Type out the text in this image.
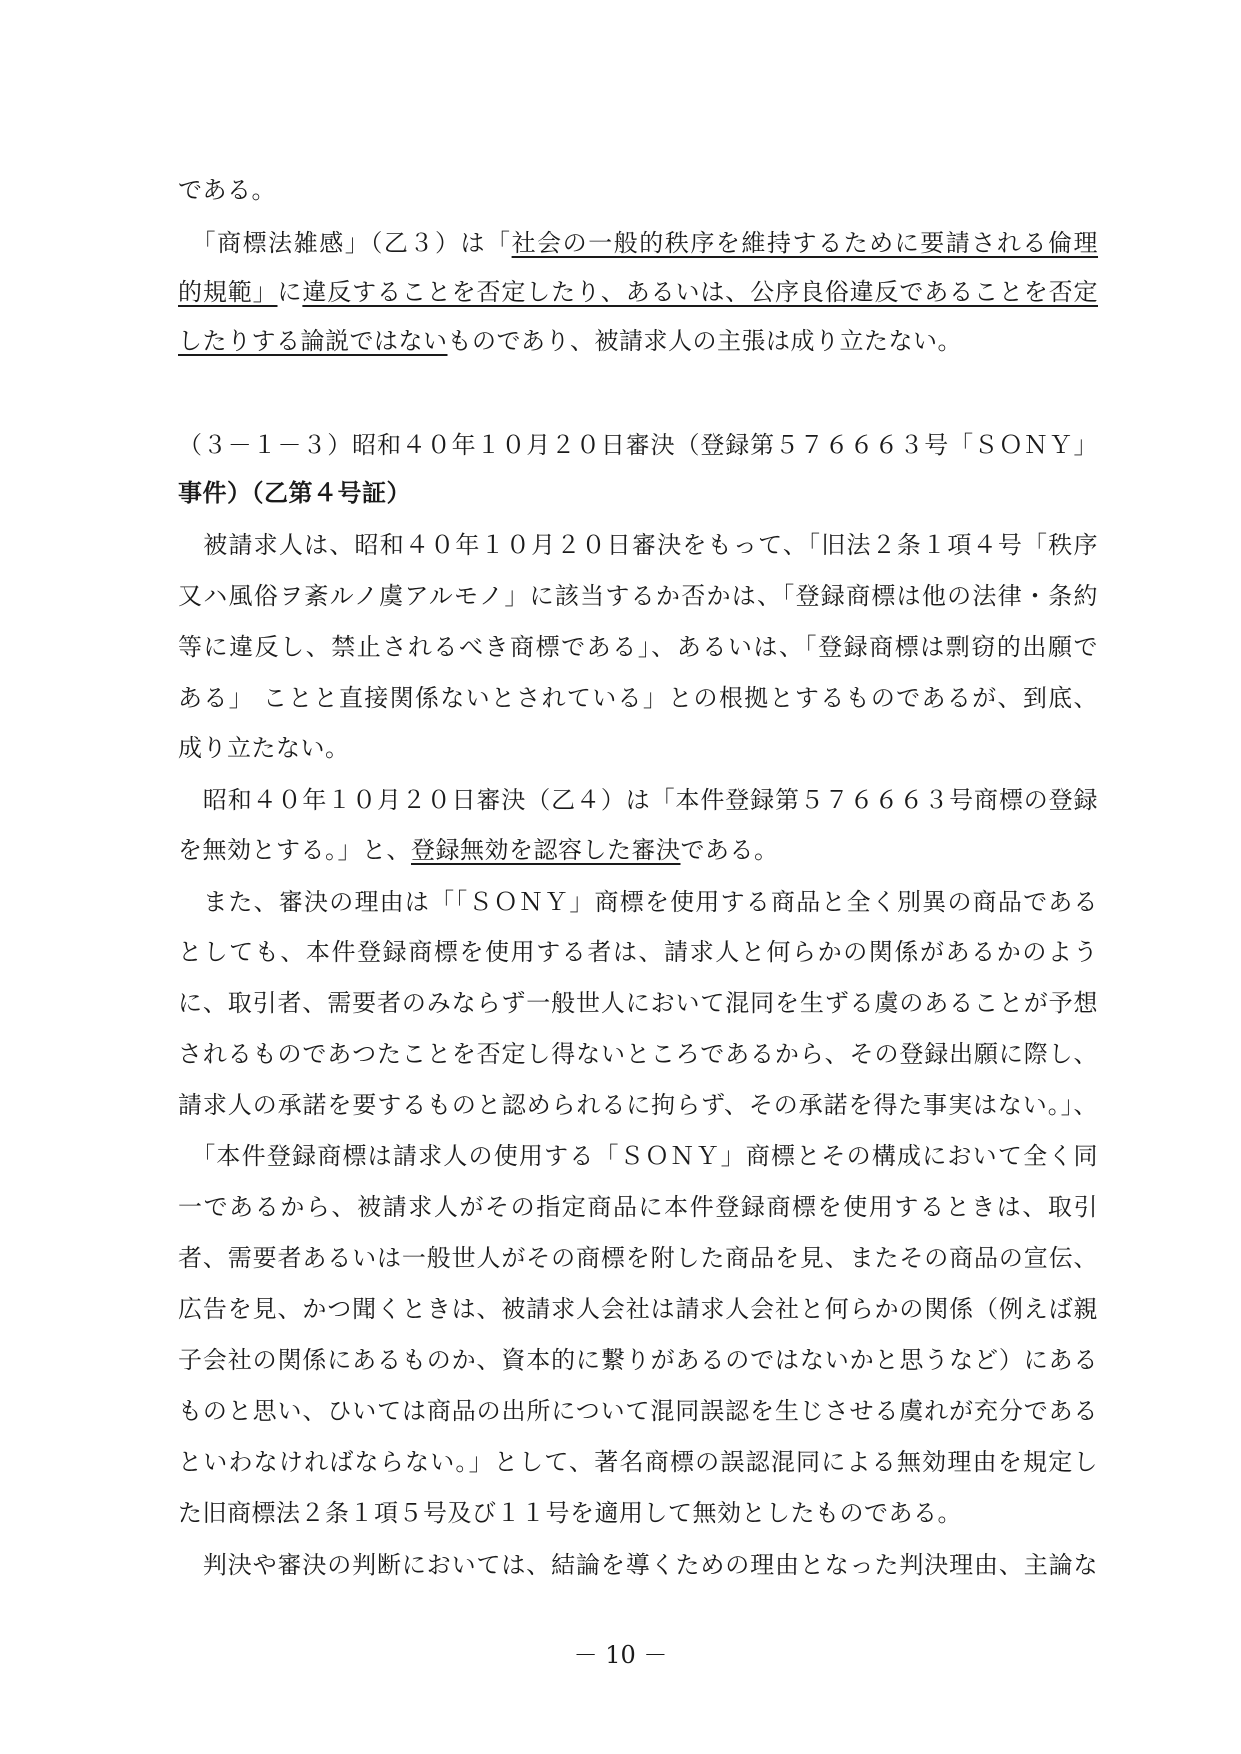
である。
　「商標法雑感」（乙３）は「社会の一般的秩序を維持するために要請される倫理
的規範」に違反することを否定したり、あるいは、公序良俗違反であることを否定
したりする論説ではないものであり、被請求人の主張は成り立たない。
（３－１－３）昭和４０年１０月２０日審決（登録第５７６６６３号「ＳＯＮＹ」
事件）（乙第４号証）
　被請求人は、昭和４０年１０月２０日審決をもって、「旧法２条１項４号「秩序
又ハ風俗ヲ紊ルノ虞アルモノ」に該当するか否かは、「登録商標は他の法律・条約
等に違反し、禁止されるべき商標である」、あるいは、「登録商標は剽窃的出願で
ある」 ことと直接関係ないとされている」との根拠とするものであるが、到底、
成り立たない。
　昭和４０年１０月２０日審決（乙４）は「本件登録第５７６６６３号商標の登録
を無効とする。」と、登録無効を認容した審決である。
　また、審決の理由は「「ＳＯＮＹ」商標を使用する商品と全く別異の商品である
としても、本件登録商標を使用する者は、請求人と何らかの関係があるかのよう
に、取引者、需要者のみならず一般世人において混同を生ずる虞のあることが予想
されるものであつたことを否定し得ないところであるから、その登録出願に際し、
請求人の承諾を要するものと認められるに拘らず、その承諾を得た事実はない。」、
　「本件登録商標は請求人の使用する「ＳＯＮＹ」商標とその構成において全く同
一であるから、被請求人がその指定商品に本件登録商標を使用するときは、取引
者、需要者あるいは一般世人がその商標を附した商品を見、またその商品の宣伝、
広告を見、かつ聞くときは、被請求人会社は請求人会社と何らかの関係（例えば親
子会社の関係にあるものか、資本的に繋りがあるのではないかと思うなど）にある
ものと思い、ひいては商品の出所について混同誤認を生じさせる虞れが充分である
といわなければならない。」として、著名商標の誤認混同による無効理由を規定し
た旧商標法２条１項５号及び１１号を適用して無効としたものである。
　判決や審決の判断においては、結論を導くための理由となった判決理由、主論な
－ 10 －
